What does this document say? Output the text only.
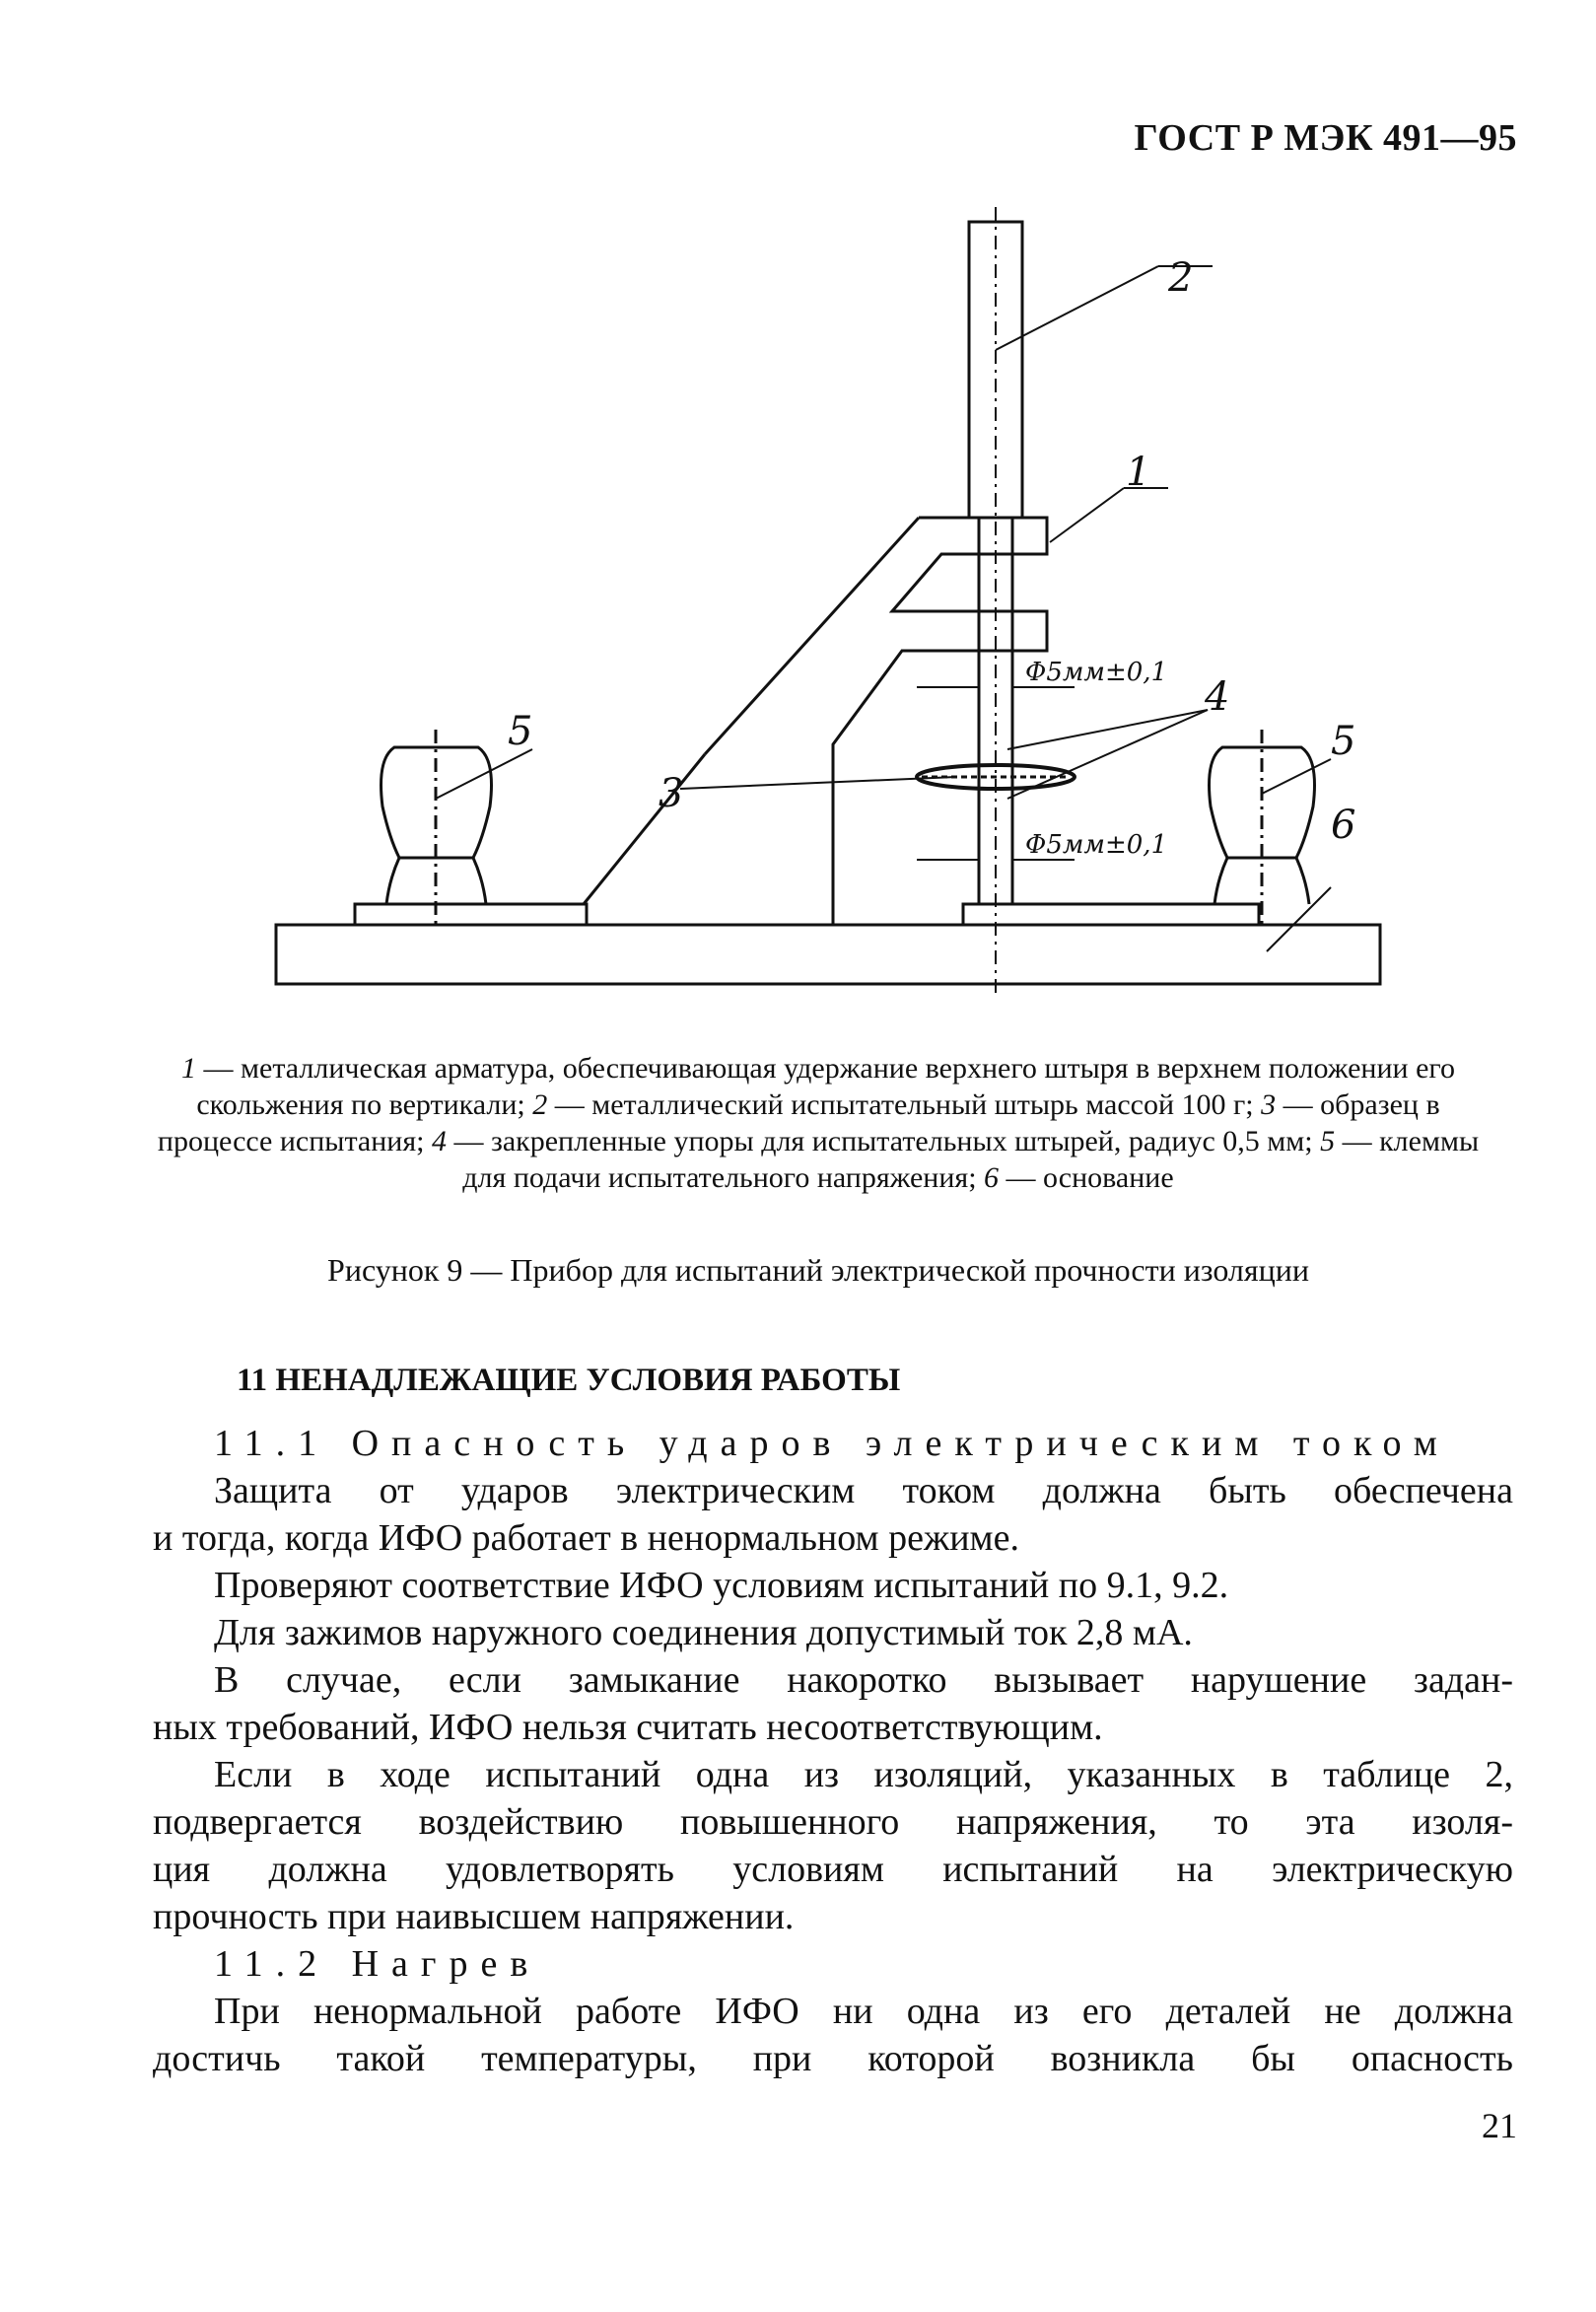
ГОСТ Р МЭК 491—95
2
1
4
3
5	5
6
Φ5мм±0,1
Φ5мм±0,1
1 — металлическая арматура, обеспечивающая удержание верхнего штыря в верхнем положении его скольжения по вертикали; 2 — металлический испытательный штырь массой 100 г; 3 — образец в процессе испытания; 4 — закрепленные упоры для испытательных штырей, радиус 0,5 мм; 5 — клеммы для подачи испытательного напряжения; 6 — основание
Рисунок 9 — Прибор для испытаний электрической прочности изоляции
11 НЕНАДЛЕЖАЩИЕ УСЛОВИЯ РАБОТЫ

11.1 Опасность ударов электрическим током

Защита от ударов электрическим током должна быть обеспечена

и тогда, когда ИФО работает в ненормальном режиме.

Проверяют соответствие ИФО условиям испытаний по 9.1, 9.2.

Для зажимов наружного соединения допустимый ток 2,8 мА.

В случае, если замыкание накоротко вызывает нарушение задан-

ных требований, ИФО нельзя считать несоответствующим.

Если в ходе испытаний одна из изоляций, указанных в таблице 2,

подвергается воздействию повышенного напряжения, то эта изоля-

ция должна удовлетворять условиям испытаний на электрическую

прочность при наивысшем напряжении.

11.2 Нагрев

При ненормальной работе ИФО ни одна из его деталей не должна

достичь такой температуры, при которой возникла бы опасность

21
